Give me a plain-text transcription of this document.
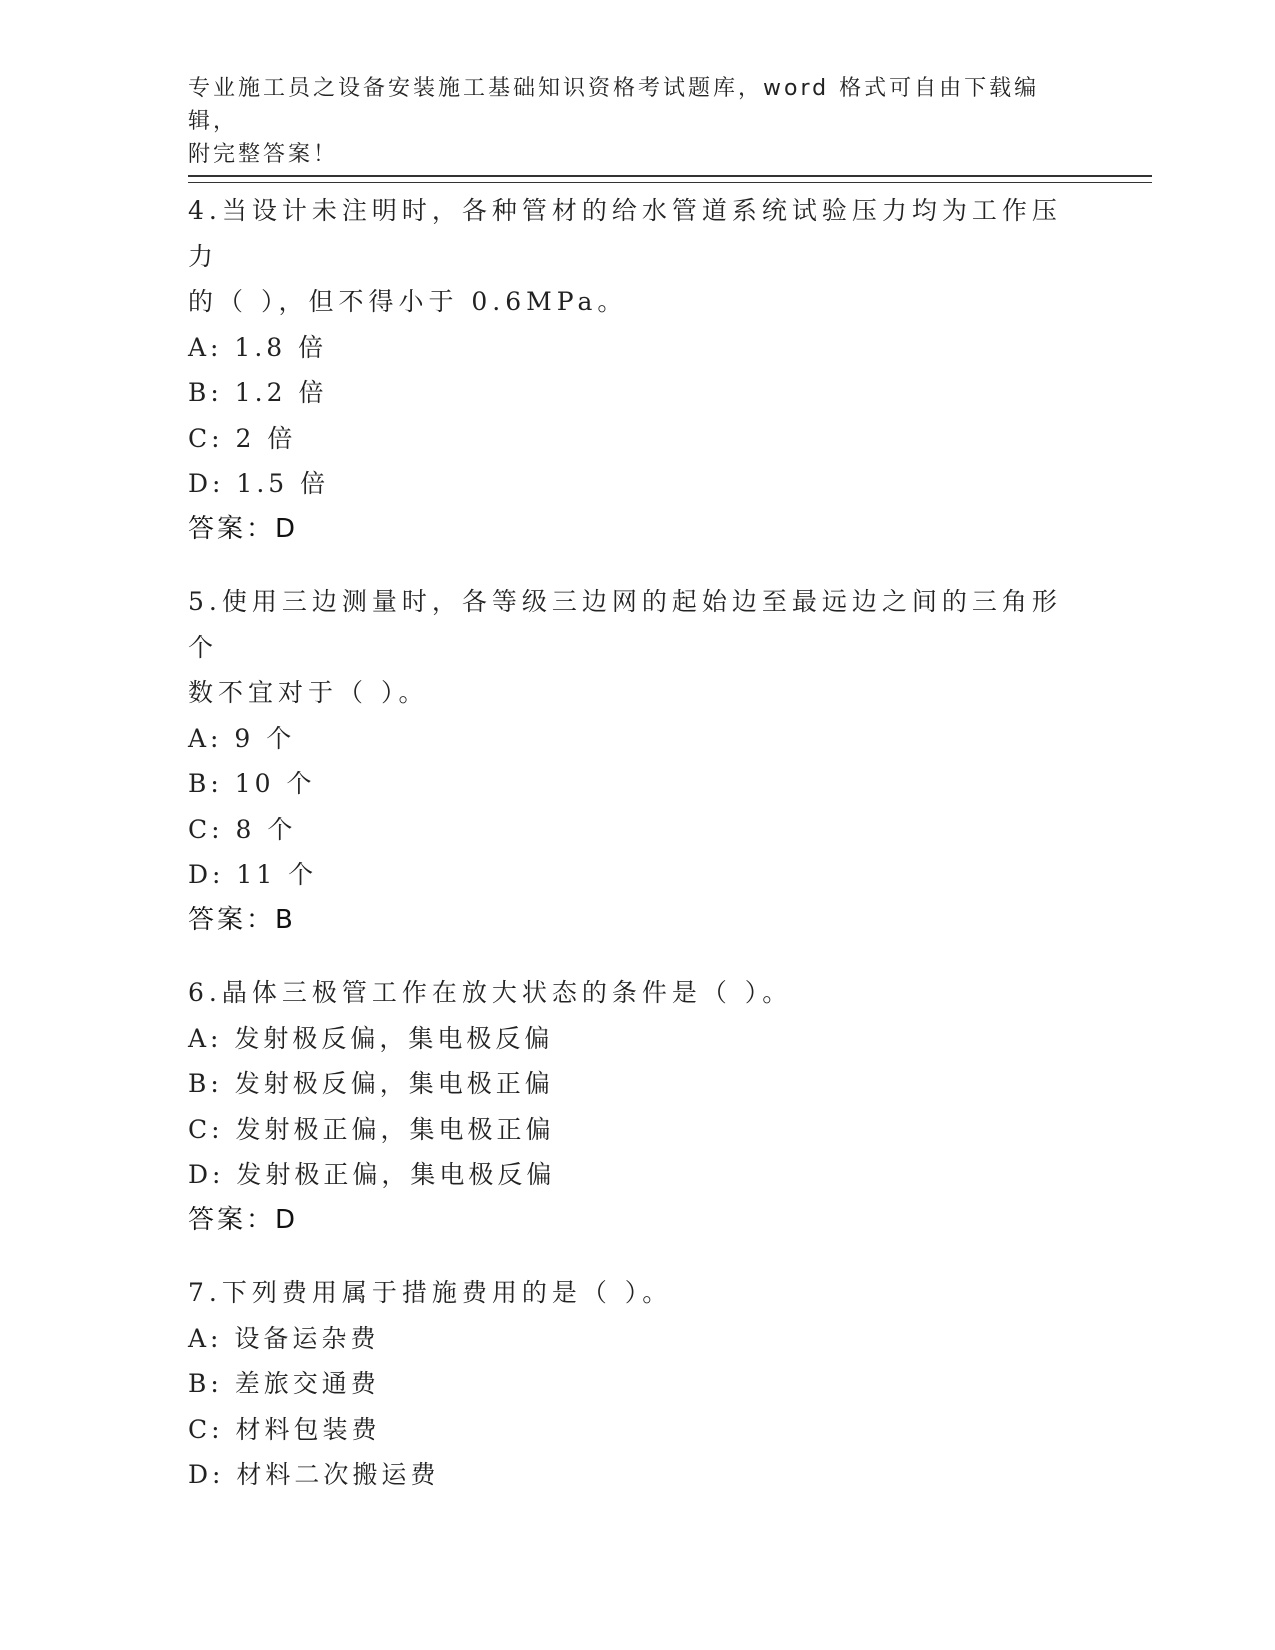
专业施工员之设备安装施工基础知识资格考试题库，word 格式可自由下载编辑，
附完整答案！
4.当设计未注明时，各种管材的给水管道系统试验压力均为工作压力
的（ ），但不得小于 0.6MPa。
A: 1.8 倍
B: 1.2 倍
C: 2 倍
D: 1.5 倍
答案：D
5.使用三边测量时，各等级三边网的起始边至最远边之间的三角形个
数不宜对于（ ）。
A: 9 个
B: 10 个
C: 8 个
D: 11 个
答案：B
6.晶体三极管工作在放大状态的条件是（ ）。
A: 发射极反偏，集电极反偏
B: 发射极反偏，集电极正偏
C: 发射极正偏，集电极正偏
D: 发射极正偏，集电极反偏
答案：D
7.下列费用属于措施费用的是（ ）。
A: 设备运杂费
B: 差旅交通费
C: 材料包装费
D: 材料二次搬运费
